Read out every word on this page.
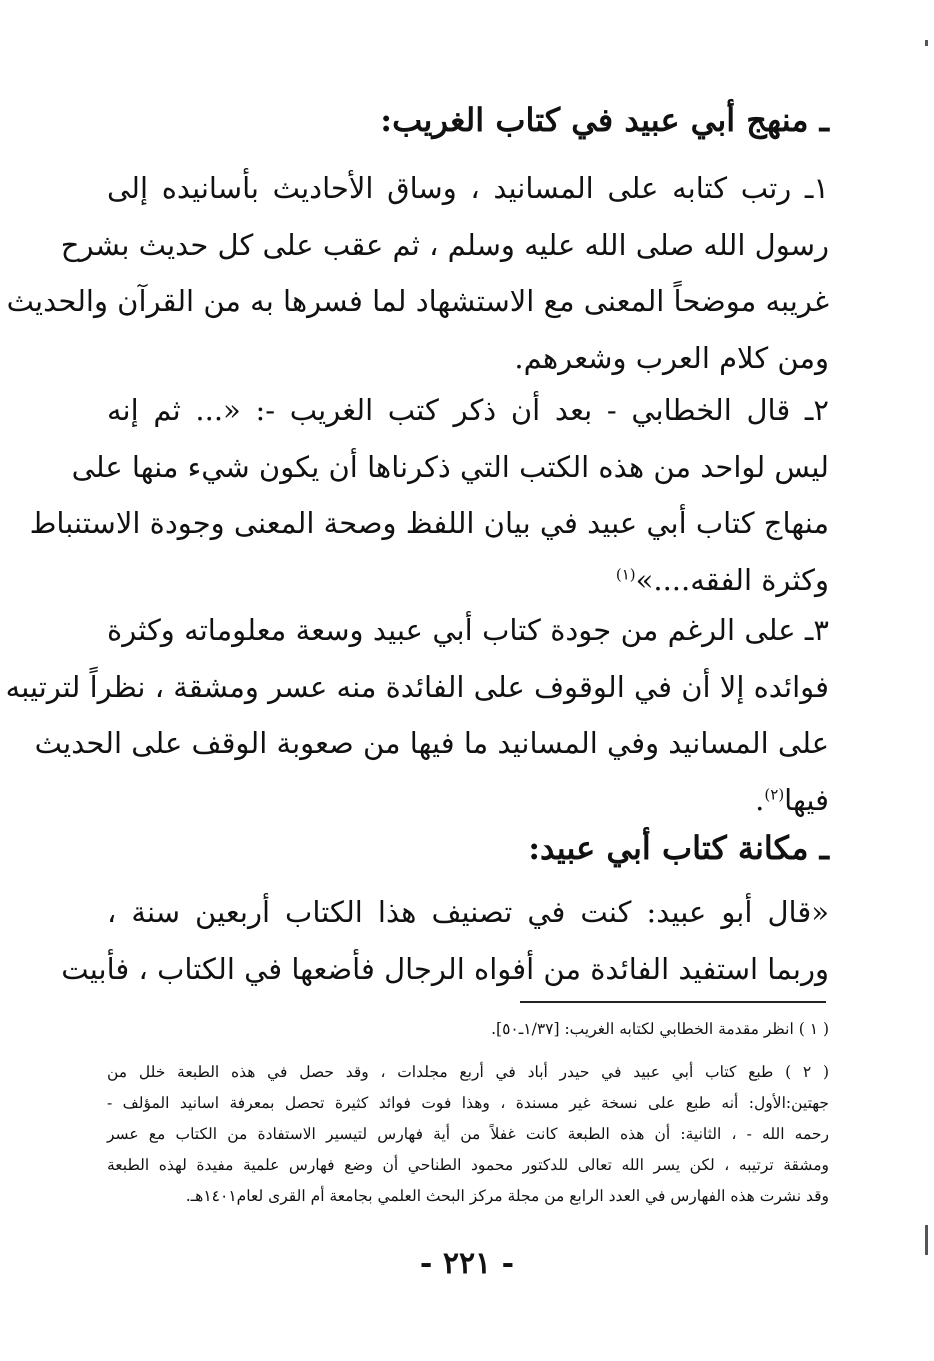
ـ منهج أبي عبيد في كتاب الغريب:
١ـ رتب كتابه على المسانيد ، وساق الأحاديث بأسانيده إلى
رسول الله صلى الله عليه وسلم ، ثم عقب على كل حديث بشرح
غريبه موضحاً المعنى مع الاستشهاد لما فسرها به من القرآن والحديث
ومن كلام العرب وشعرهم.
٢ـ قال الخطابي - بعد أن ذكر كتب الغريب -: «... ثم إنه
ليس لواحد من هذه الكتب التي ذكرناها أن يكون شيء منها على
منهاج كتاب أبي عبيد في بيان اللفظ وصحة المعنى وجودة الاستنباط
وكثرة الفقه....»$^{(١)}$
٣ـ على الرغم من جودة كتاب أبي عبيد وسعة معلوماته وكثرة
فوائده إلا أن في الوقوف على الفائدة منه عسر ومشقة ، نظراً لترتيبه
على المسانيد وفي المسانيد ما فيها من صعوبة الوقف على الحديث
فيها$^{(٢)}$.
ـ مكانة كتاب أبي عبيد:
«قال أبو عبيد: كنت في تصنيف هذا الكتاب أربعين سنة ،
وربما استفيد الفائدة من أفواه الرجال فأضعها في الكتاب ، فأبيت
( ١ ) انظر مقدمة الخطابي لكتابه الغريب: [١/٣٧ـ٥٠].
( ٢ ) طبع كتاب أبي عبيد في حيدر أباد في أربع مجلدات ، وقد حصل في هذه الطبعة خلل من
جهتين:الأول: أنه طبع على نسخة غير مسندة ، وهذا فوت فوائد كثيرة تحصل بمعرفة اسانيد المؤلف -
رحمه الله - ، الثانية: أن هذه الطبعة كانت غفلاً من أية فهارس لتيسير الاستفادة من الكتاب مع عسر
ومشقة ترتيبه ، لكن يسر الله تعالى للدكتور محمود الطناحي أن وضع فهارس علمية مفيدة لهذه الطبعة
وقد نشرت هذه الفهارس في العدد الرابع من مجلة مركز البحث العلمي بجامعة أم القرى لعام١٤٠١هـ.
- ٢٢١ -
